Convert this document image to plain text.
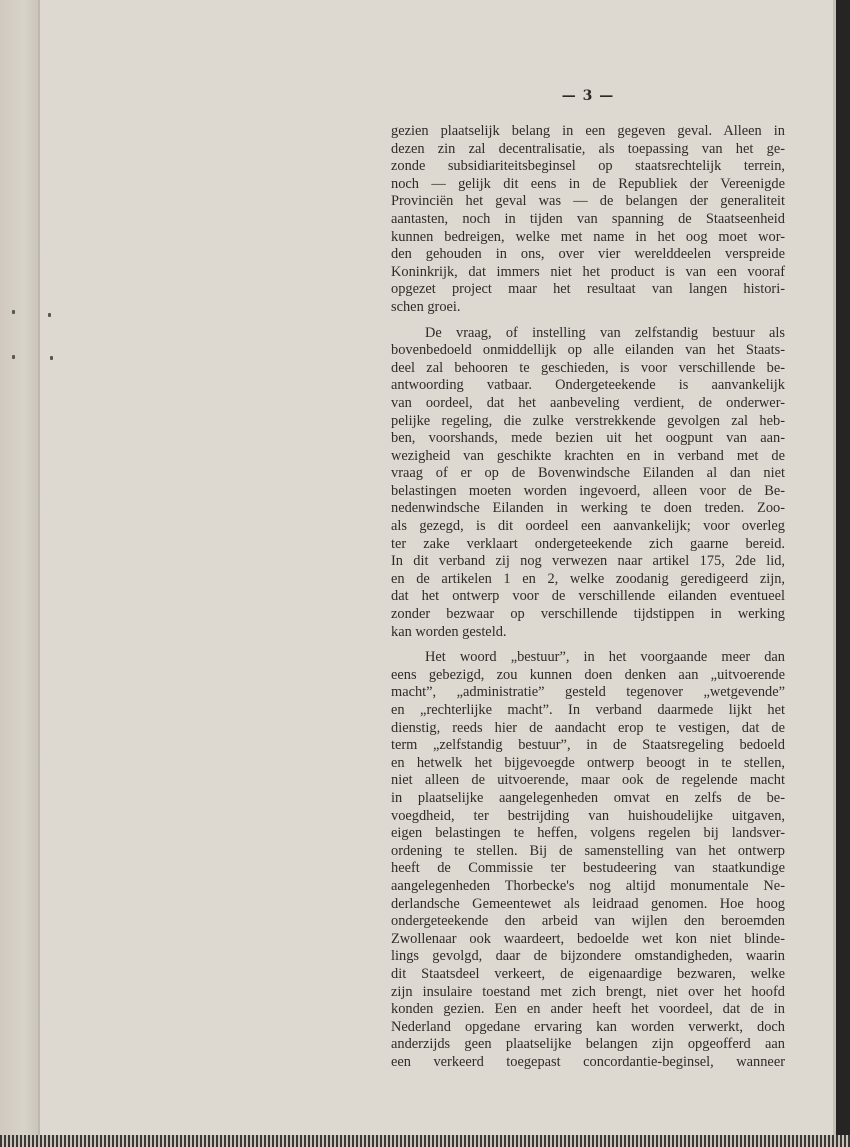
— 3 —

gezien plaatselijk belang in een gegeven geval. Alleen in
dezen zin zal decentralisatie, als toepassing van het ge-
zonde subsidiariteitsbeginsel op staatsrechtelijk terrein,
noch — gelijk dit eens in de Republiek der Vereenigde
Provinciën het geval was — de belangen der generaliteit
aantasten, noch in tijden van spanning de Staatseenheid
kunnen bedreigen, welke met name in het oog moet wor-
den gehouden in ons, over vier werelddeelen verspreide
Koninkrijk, dat immers niet het product is van een vooraf
opgezet project maar het resultaat van langen histori-
schen groei.

De vraag, of instelling van zelfstandig bestuur als
bovenbedoeld onmiddellijk op alle eilanden van het Staats-
deel zal behooren te geschieden, is voor verschillende be-
antwoording vatbaar. Ondergeteekende is aanvankelijk
van oordeel, dat het aanbeveling verdient, de onderwer-
pelijke regeling, die zulke verstrekkende gevolgen zal heb-
ben, voorshands, mede bezien uit het oogpunt van aan-
wezigheid van geschikte krachten en in verband met de
vraag of er op de Bovenwindsche Eilanden al dan niet
belastingen moeten worden ingevoerd, alleen voor de Be-
nedenwindsche Eilanden in werking te doen treden. Zoo-
als gezegd, is dit oordeel een aanvankelijk; voor overleg
ter zake verklaart ondergeteekende zich gaarne bereid.
In dit verband zij nog verwezen naar artikel 175, 2de lid,
en de artikelen 1 en 2, welke zoodanig geredigeerd zijn,
dat het ontwerp voor de verschillende eilanden eventueel
zonder bezwaar op verschillende tijdstippen in werking
kan worden gesteld.

Het woord „bestuur”, in het voorgaande meer dan
eens gebezigd, zou kunnen doen denken aan „uitvoerende
macht”, „administratie” gesteld tegenover „wetgevende”
en „rechterlijke macht”. In verband daarmede lijkt het
dienstig, reeds hier de aandacht erop te vestigen, dat de
term „zelfstandig bestuur”, in de Staatsregeling bedoeld
en hetwelk het bijgevoegde ontwerp beoogt in te stellen,
niet alleen de uitvoerende, maar ook de regelende macht
in plaatselijke aangelegenheden omvat en zelfs de be-
voegdheid, ter bestrijding van huishoudelijke uitgaven,
eigen belastingen te heffen, volgens regelen bij landsver-
ordening te stellen. Bij de samenstelling van het ontwerp
heeft de Commissie ter bestudeering van staatkundige
aangelegenheden Thorbecke's nog altijd monumentale Ne-
derlandsche Gemeentewet als leidraad genomen. Hoe hoog
ondergeteekende den arbeid van wijlen den beroemden
Zwollenaar ook waardeert, bedoelde wet kon niet blinde-
lings gevolgd, daar de bijzondere omstandigheden, waarin
dit Staatsdeel verkeert, de eigenaardige bezwaren, welke
zijn insulaire toestand met zich brengt, niet over het hoofd
konden gezien. Een en ander heeft het voordeel, dat de in
Nederland opgedane ervaring kan worden verwerkt, doch
anderzijds geen plaatselijke belangen zijn opgeofferd aan
een verkeerd toegepast concordantie-beginsel, wanneer
